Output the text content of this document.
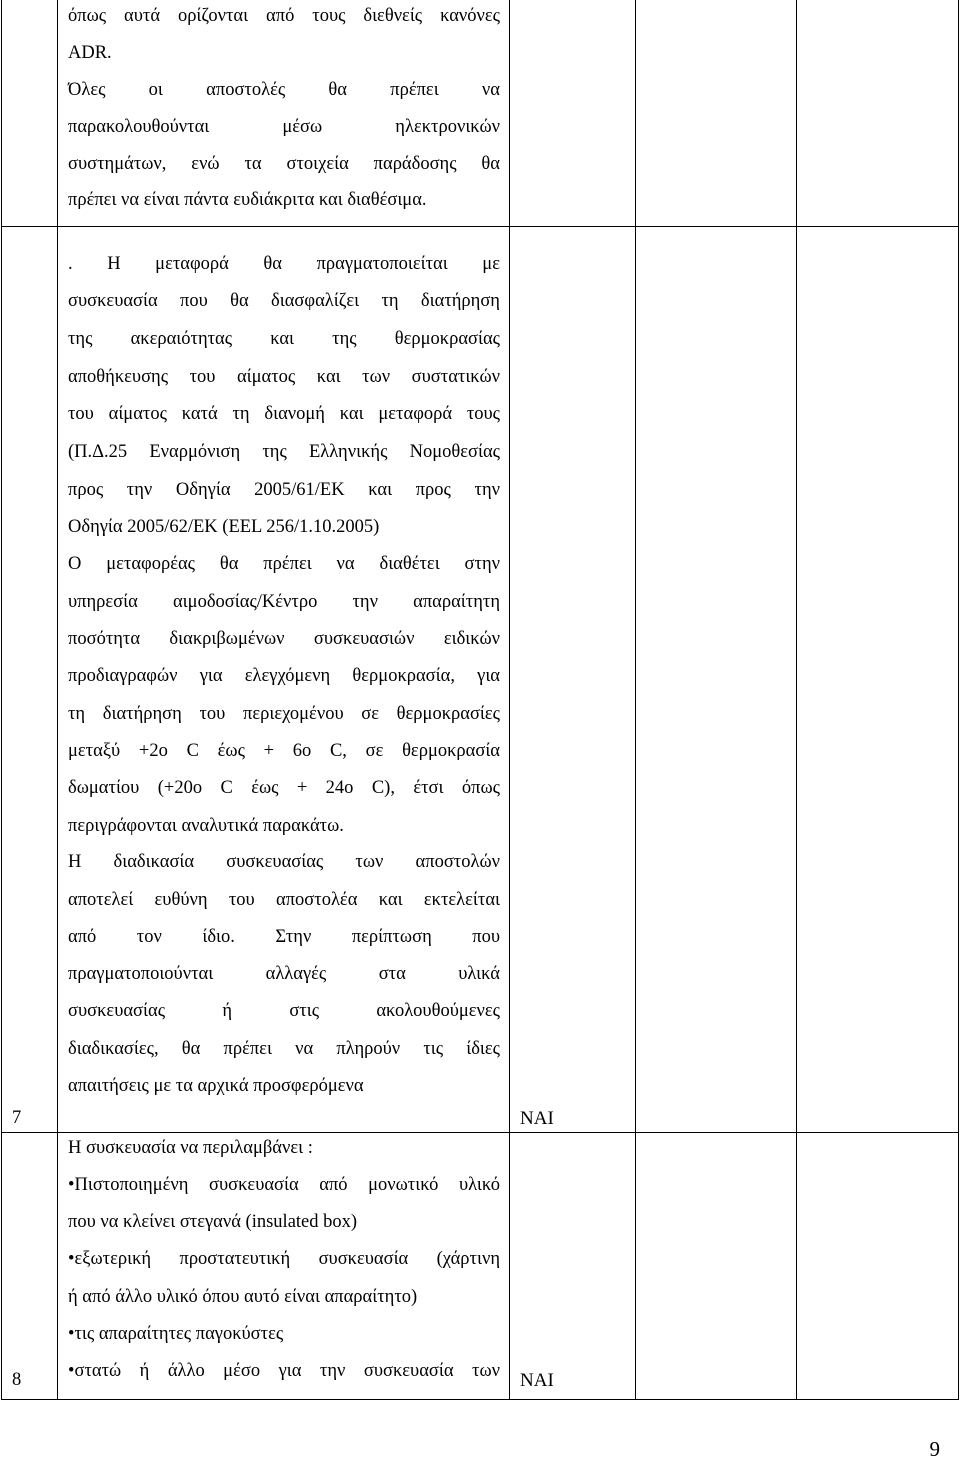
όπως αυτά ορίζονται από τους διεθνείς κανόνες
ADR.
Όλες οι αποστολές θα πρέπει να
παρακολουθούνται μέσω ηλεκτρονικών
συστημάτων, ενώ τα στοιχεία παράδοσης θα
πρέπει να είναι πάντα ευδιάκριτα και διαθέσιμα.
7	ΝΑΙ
. Η μεταφορά θα πραγματοποιείται με
συσκευασία που θα διασφαλίζει τη διατήρηση
της ακεραιότητας και της θερμοκρασίας
αποθήκευσης του αίματος και των συστατικών
του αίματος κατά τη διανομή και μεταφορά τους
(Π.Δ.25 Εναρμόνιση της Ελληνικής Νομοθεσίας
προς την Οδηγία 2005/61/ΕΚ και προς την
Οδηγία 2005/62/ΕΚ (ΕΕL 256/1.10.2005)
Ο μεταφορέας θα πρέπει να διαθέτει στην
υπηρεσία αιμοδοσίας/Κέντρο την απαραίτητη
ποσότητα διακριβωμένων συσκευασιών ειδικών
προδιαγραφών για ελεγχόμενη θερμοκρασία, για
τη διατήρηση του περιεχομένου σε θερμοκρασίες
μεταξύ +2ο C έως + 6ο C, σε θερμοκρασία
δωματίου (+20ο C έως + 24ο C), έτσι όπως
περιγράφονται αναλυτικά παρακάτω.
Η διαδικασία συσκευασίας των αποστολών
αποτελεί ευθύνη του αποστολέα και εκτελείται
από τον ίδιο. Στην περίπτωση που
πραγματοποιούνται αλλαγές στα υλικά
συσκευασίας ή στις ακολουθούμενες
διαδικασίες, θα πρέπει να πληρούν τις ίδιες
απαιτήσεις με τα αρχικά προσφερόμενα
8	ΝΑΙ
Η συσκευασία να περιλαμβάνει :
•Πιστοποιημένη συσκευασία από μονωτικό υλικό
που να κλείνει στεγανά (insulated box)
•εξωτερική προστατευτική συσκευασία (χάρτινη
ή από άλλο υλικό όπου αυτό είναι απαραίτητο)
•τις απαραίτητες παγοκύστες
•στατώ ή άλλο μέσο για την συσκευασία των
9
